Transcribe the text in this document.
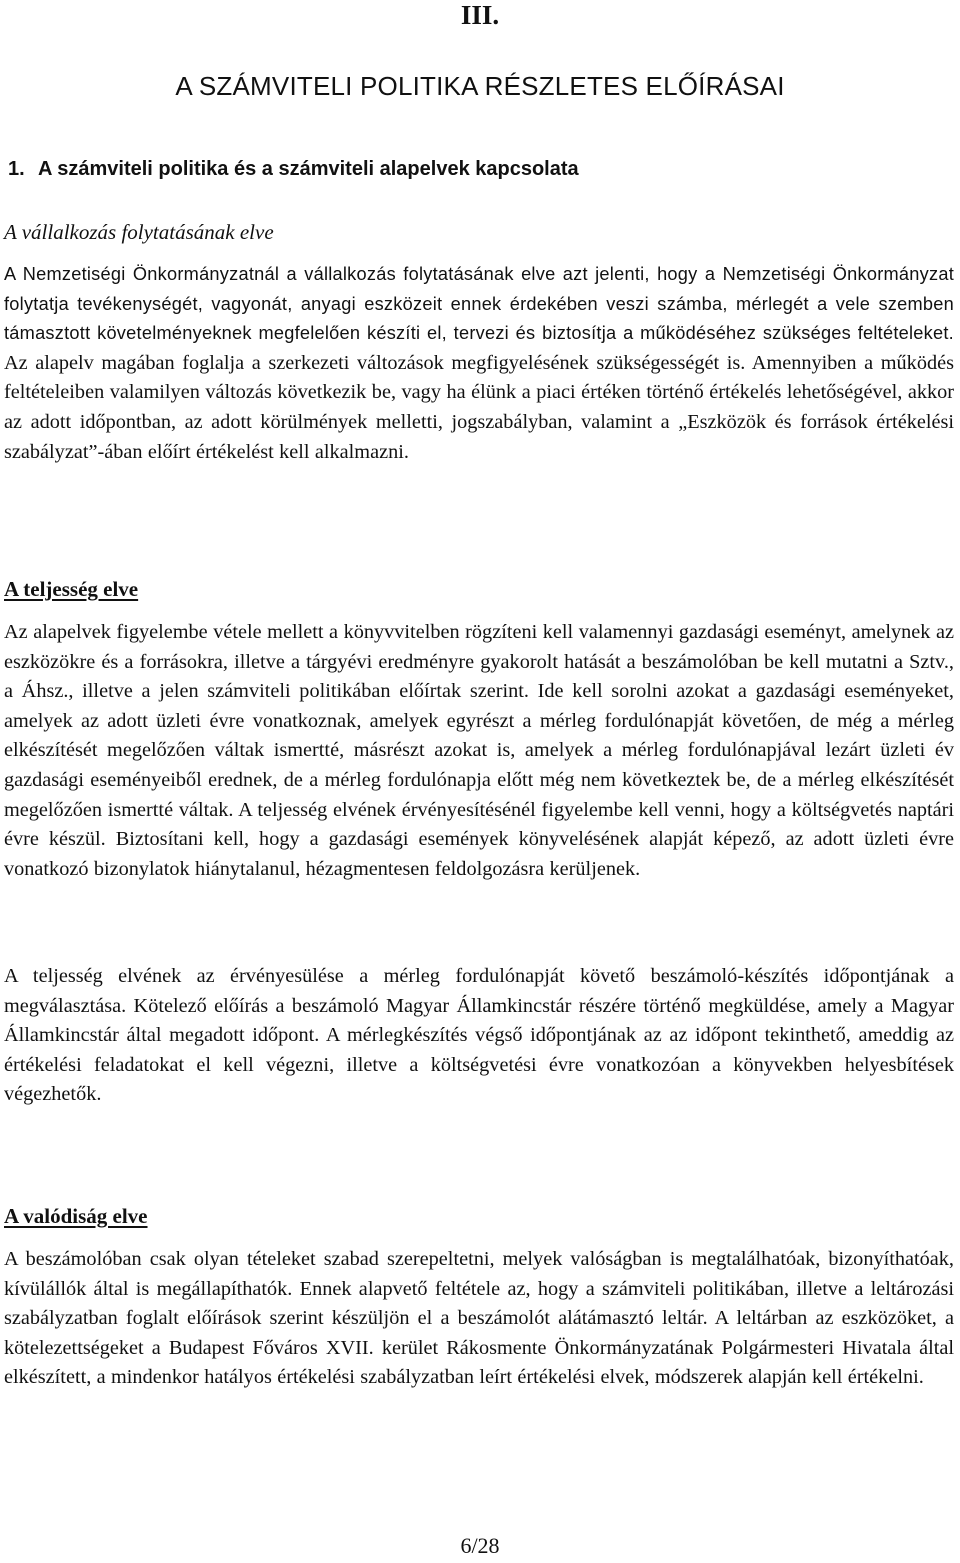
III.
A SZÁMVITELI POLITIKA RÉSZLETES ELŐÍRÁSAI
1. A számviteli politika és a számviteli alapelvek kapcsolata
A vállalkozás folytatásának elve
A Nemzetiségi Önkormányzatnál a vállalkozás folytatásának elve azt jelenti, hogy a Nemzetiségi Önkormányzat folytatja tevékenységét, vagyonát, anyagi eszközeit ennek érdekében veszi számba, mérlegét a vele szemben támasztott követelményeknek megfelelően készíti el, tervezi és biztosítja a működéséhez szükséges feltételeket. Az alapelv magában foglalja a szerkezeti változások megfigyelésének szükségességét is. Amennyiben a működés feltételeiben valamilyen változás következik be, vagy ha élünk a piaci értéken történő értékelés lehetőségével, akkor az adott időpontban, az adott körülmények melletti, jogszabályban, valamint a „Eszközök és források értékelési szabályzat”-ában előírt értékelést kell alkalmazni.
A teljesség elve
Az alapelvek figyelembe vétele mellett a könyvvitelben rögzíteni kell valamennyi gazdasági eseményt, amelynek az eszközökre és a forrásokra, illetve a tárgyévi eredményre gyakorolt hatását a beszámolóban be kell mutatni a Sztv., a Áhsz., illetve a jelen számviteli politikában előírtak szerint. Ide kell sorolni azokat a gazdasági eseményeket, amelyek az adott üzleti évre vonatkoznak, amelyek egyrészt a mérleg fordulónapját követően, de még a mérleg elkészítését megelőzően váltak ismertté, másrészt azokat is, amelyek a mérleg fordulónapjával lezárt üzleti év gazdasági eseményeiből erednek, de a mérleg fordulónapja előtt még nem következtek be, de a mérleg elkészítését megelőzően ismertté váltak. A teljesség elvének érvényesítésénél figyelembe kell venni, hogy a költségvetés naptári évre készül. Biztosítani kell, hogy a gazdasági események könyvelésének alapját képező, az adott üzleti évre vonatkozó bizonylatok hiánytalanul, hézagmentesen feldolgozásra kerüljenek.
A teljesség elvének az érvényesülése a mérleg fordulónapját követő beszámoló-készítés időpontjának a megválasztása. Kötelező előírás a beszámoló Magyar Államkincstár részére történő megküldése, amely a Magyar Államkincstár által megadott időpont. A mérlegkészítés végső időpontjának az az időpont tekinthető, ameddig az értékelési feladatokat el kell végezni, illetve a költségvetési évre vonatkozóan a könyvekben helyesbítések végezhetők.
A valódiság elve
A beszámolóban csak olyan tételeket szabad szerepeltetni, melyek valóságban is megtalálhatóak, bizonyíthatóak, kívülállók által is megállapíthatók. Ennek alapvető feltétele az, hogy a számviteli politikában, illetve a leltározási szabályzatban foglalt előírások szerint készüljön el a beszámolót alátámasztó leltár. A leltárban az eszközöket, a kötelezettségeket a Budapest Főváros XVII. kerület Rákosmente Önkormányzatának Polgármesteri Hivatala által elkészített, a mindenkor hatályos értékelési szabályzatban leírt értékelési elvek, módszerek alapján kell értékelni.
6/28
